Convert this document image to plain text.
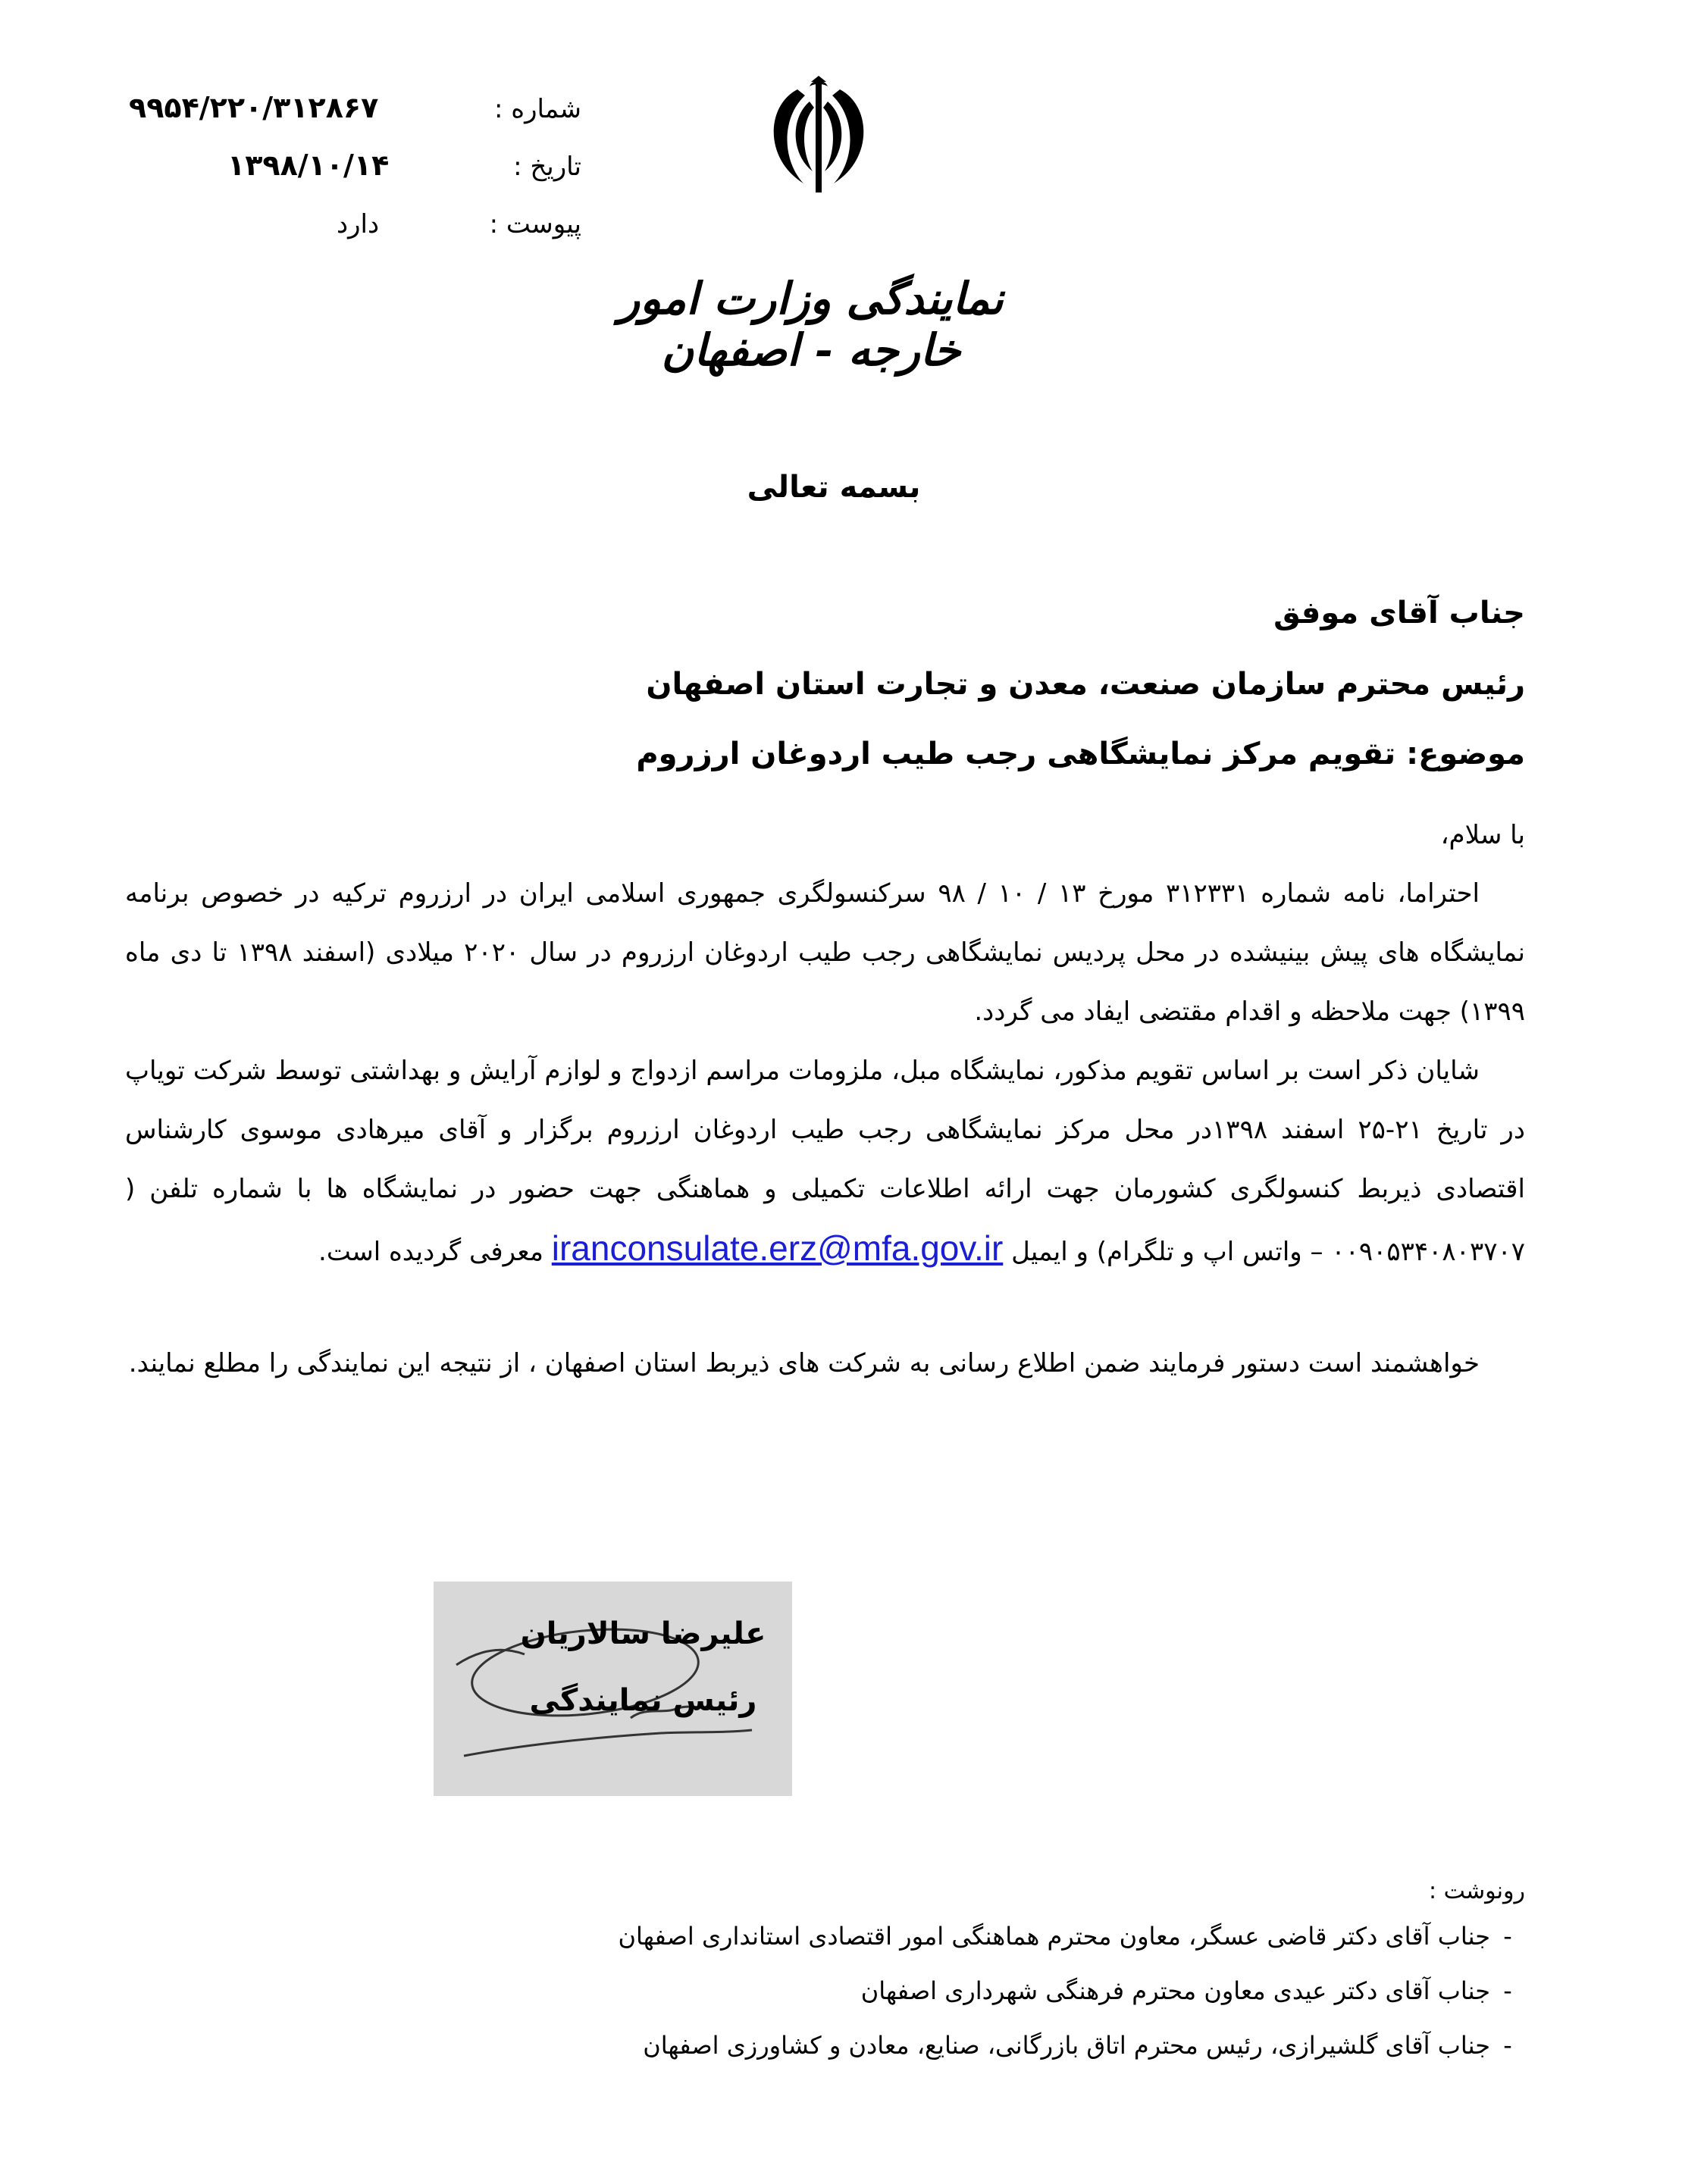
شماره :
۹۹۵۴/۲۲۰/۳۱۲۸۶۷
تاریخ :
۱۳۹۸/۱۰/۱۴
پیوست :
دارد
نمایندگی وزارت امور خارجه - اصفهان
بسمه تعالی
جناب آقای موفق
رئیس محترم سازمان صنعت، معدن و تجارت استان اصفهان
موضوع: تقویم مرکز نمایشگاهی رجب طیب اردوغان ارزروم
با سلام،
احتراما، نامه شماره ۳۱۲۳۳۱ مورخ ۱۳ / ۱۰ / ۹۸ سرکنسولگری جمهوری اسلامی ایران در ارزروم ترکیه در خصوص برنامه نمایشگاه های پیش بینیشده در محل پردیس نمایشگاهی رجب طیب اردوغان ارزروم در سال ۲۰۲۰ میلادی (اسفند ۱۳۹۸ تا دی ماه ۱۳۹۹) جهت ملاحظه و اقدام مقتضی ایفاد می گردد.
شایان ذکر است بر اساس تقویم مذکور، نمایشگاه مبل، ملزومات مراسم ازدواج و لوازم آرایش و بهداشتی توسط شرکت تویاپ در تاریخ ۲۱-۲۵ اسفند ۱۳۹۸در محل مرکز نمایشگاهی رجب طیب اردوغان ارزروم برگزار و آقای میرهادی موسوی کارشناس اقتصادی ذیربط کنسولگری کشورمان جهت ارائه اطلاعات تکمیلی و هماهنگی جهت حضور در نمایشگاه ها با شماره تلفن ( ۰۰۹۰۵۳۴۰۸۰۳۷۰۷ – واتس اپ و تلگرام) و ایمیل iranconsulate.erz@mfa.gov.ir معرفی گردیده است.
خواهشمند است دستور فرمایند ضمن اطلاع رسانی به شرکت های ذیربط استان اصفهان ، از نتیجه این نمایندگی را مطلع نمایند.
علیرضا سالاریان
رئیس نمایندگی
رونوشت :
-جناب آقای دکتر قاضی عسگر، معاون محترم هماهنگی امور اقتصادی استانداری اصفهان
-جناب آقای دکتر عیدی معاون محترم فرهنگی شهرداری اصفهان
-جناب آقای گلشیرازی، رئیس محترم اتاق بازرگانی، صنایع، معادن و کشاورزی اصفهان
